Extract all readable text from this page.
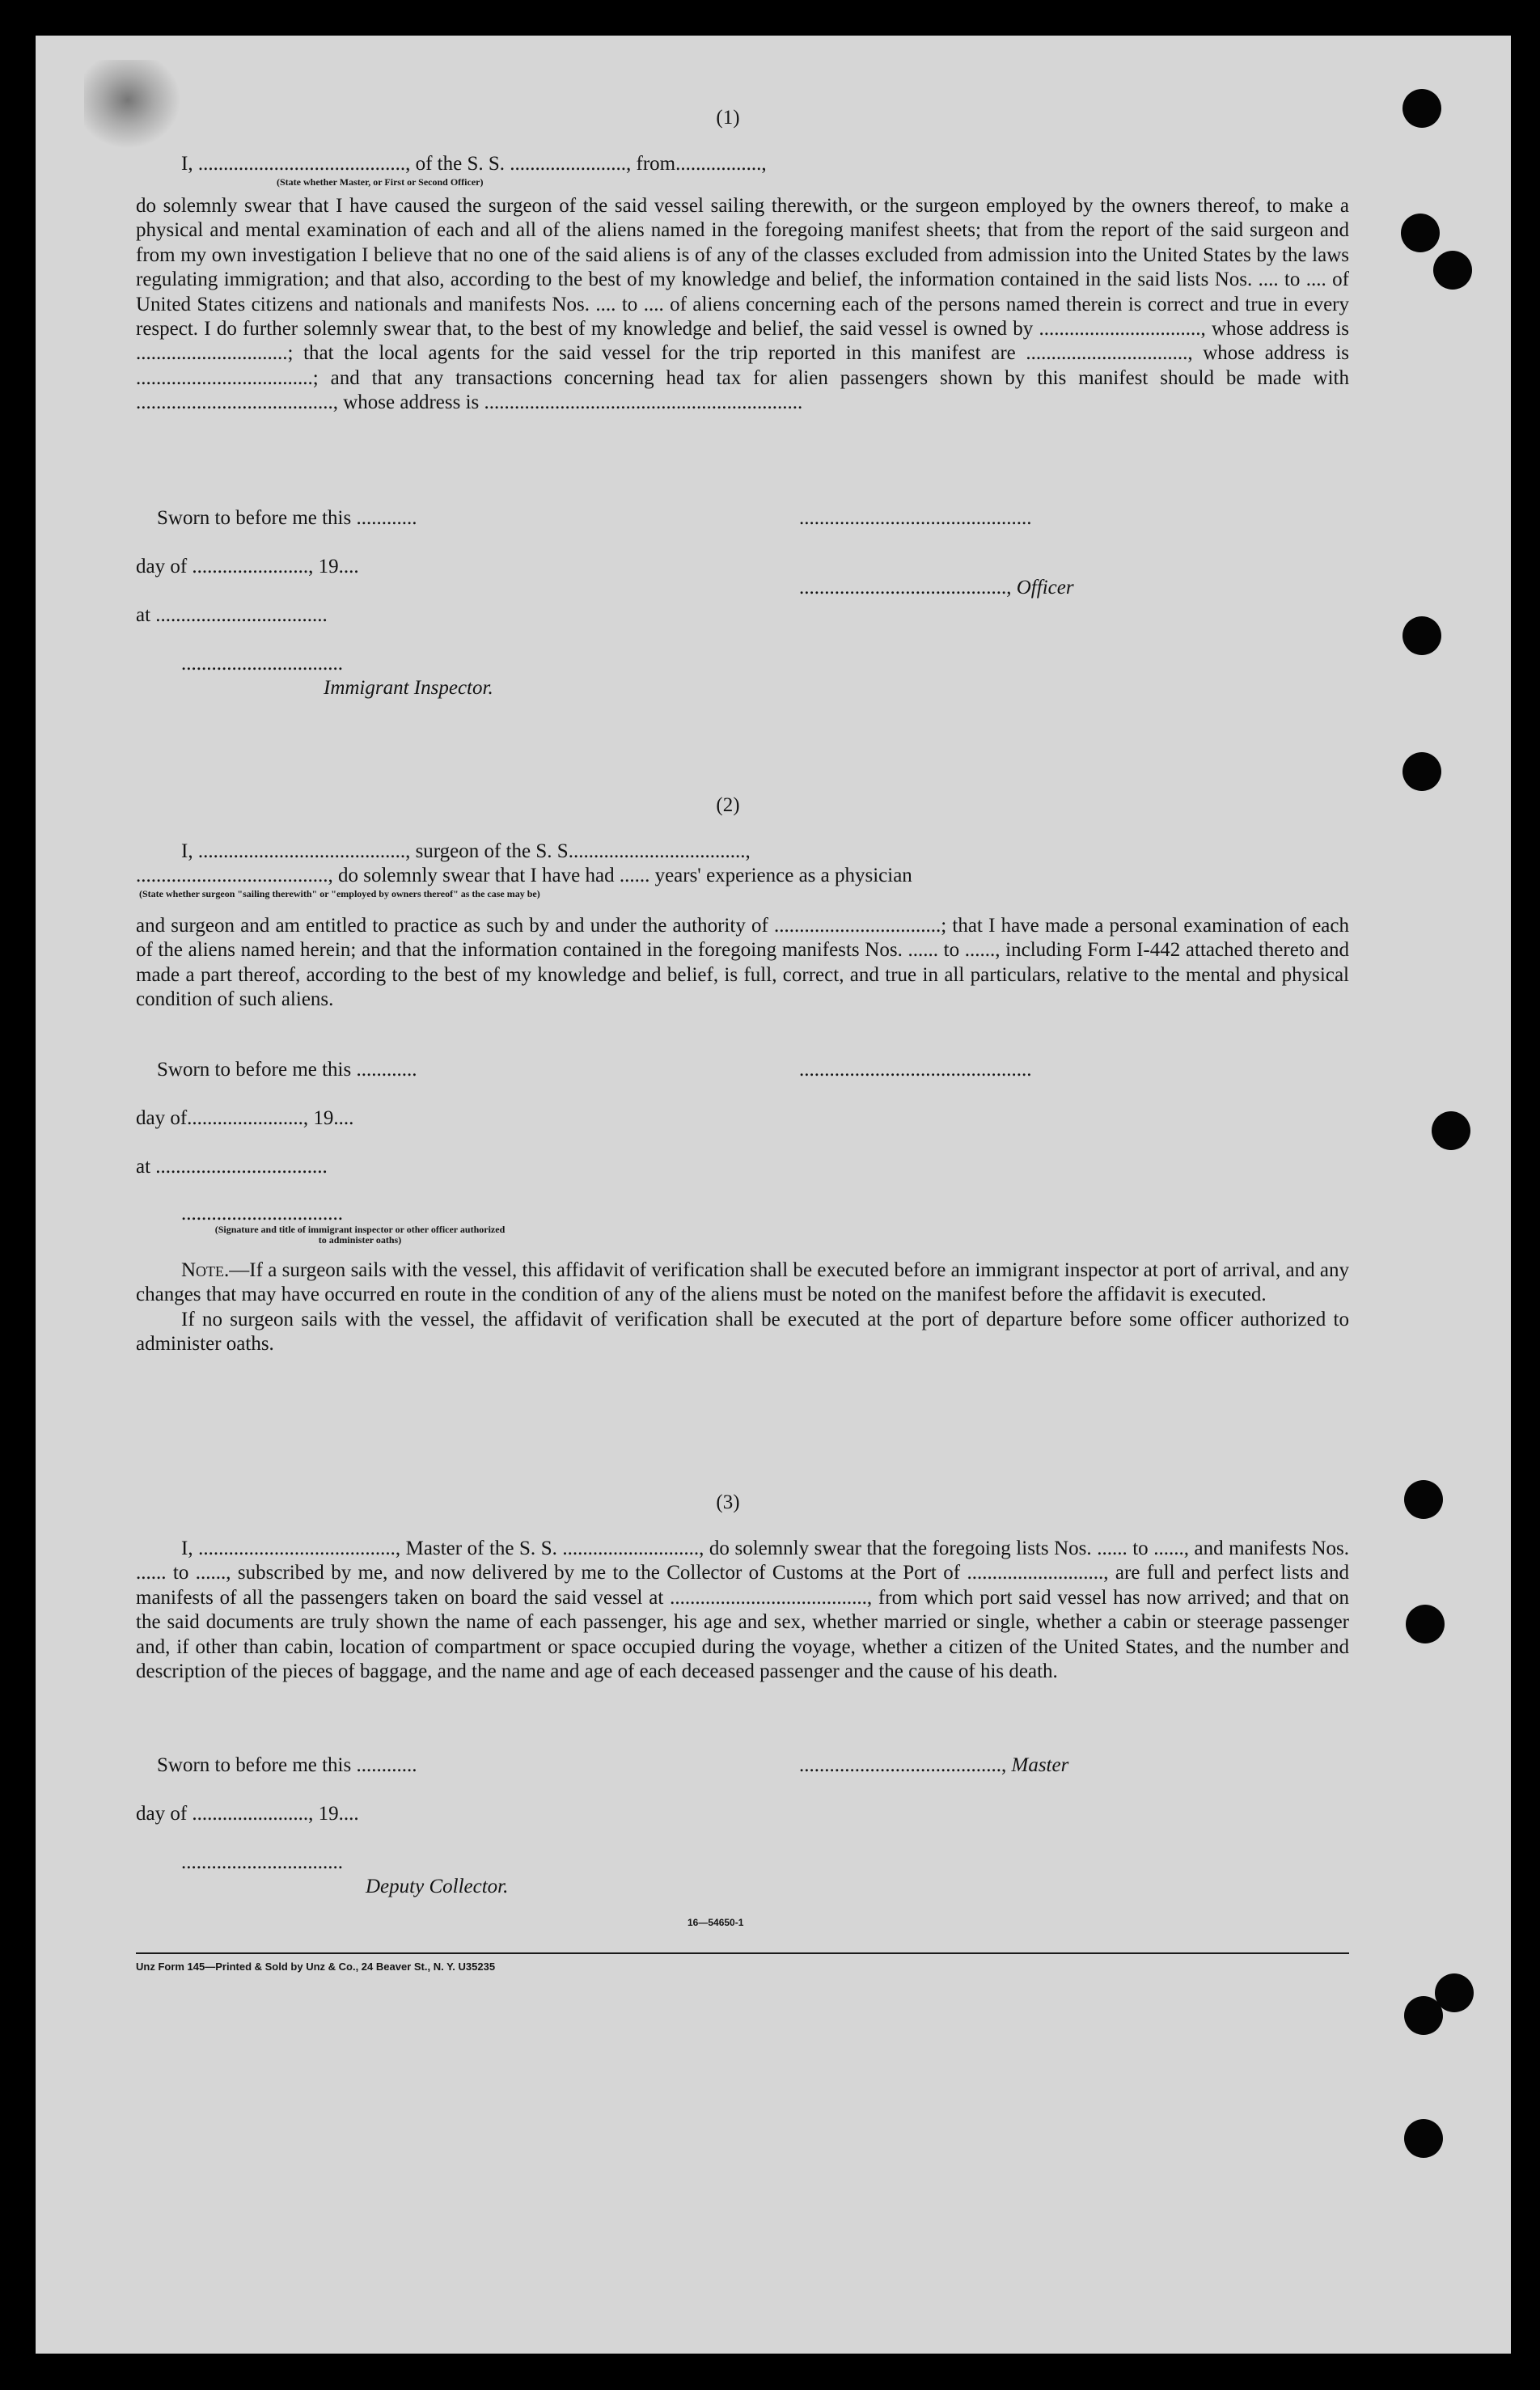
(1)
I, ........................................., of the S. S. ......................., from.................,
(State whether Master, or First or Second Officer)

do solemnly swear that I have caused the surgeon of the said vessel sailing therewith, or the surgeon employed by the owners thereof, to make a physical and mental examination of each and all of the aliens named in the foregoing manifest sheets; that from the report of the said surgeon and from my own investigation I believe that no one of the said aliens is of any of the classes excluded from admission into the United States by the laws regulating immigration; and that also, according to the best of my knowledge and belief, the information contained in the said lists Nos. .... to .... of United States citizens and nationals and manifests Nos. .... to .... of aliens concerning each of the persons named therein is correct and true in every respect. I do further solemnly swear that, to the best of my knowledge and belief, the said vessel is owned by ................................, whose address is ..............................; that the local agents for the said vessel for the trip reported in this manifest are ................................, whose address is ...................................; and that any transactions concerning head tax for alien passengers shown by this manifest should be made with ......................................., whose address is ...............................................................

Sworn to before me this ............	..............................................
day of ......................., 19....
........................................., Officer
at ..................................
................................
Immigrant Inspector.
(2)
I, ........................................., surgeon of the S. S...................................,
......................................, do solemnly swear that I have had ...... years' experience as a physician
(State whether surgeon "sailing therewith" or "employed by owners thereof" as the case may be)

and surgeon and am entitled to practice as such by and under the authority of .................................; that I have made a personal examination of each of the aliens named herein; and that the information contained in the foregoing manifests Nos. ...... to ......, including Form I-442 attached thereto and made a part thereof, according to the best of my knowledge and belief, is full, correct, and true in all particulars, relative to the mental and physical condition of such aliens.

Sworn to before me this ............	..............................................
day of......................., 19....
at ..................................
................................
(Signature and title of immigrant inspector or other officer authorized to administer oaths)

Note.—If a surgeon sails with the vessel, this affidavit of verification shall be executed before an immigrant inspector at port of arrival, and any changes that may have occurred en route in the condition of any of the aliens must be noted on the manifest before the affidavit is executed.

If no surgeon sails with the vessel, the affidavit of verification shall be executed at the port of departure before some officer authorized to administer oaths.

(3)

I, ......................................., Master of the S. S. ..........................., do solemnly swear that the foregoing lists Nos. ...... to ......, and manifests Nos. ...... to ......, subscribed by me, and now delivered by me to the Collector of Customs at the Port of ..........................., are full and perfect lists and manifests of all the passengers taken on board the said vessel at ......................................., from which port said vessel has now arrived; and that on the said documents are truly shown the name of each passenger, his age and sex, whether married or single, whether a cabin or steerage passenger and, if other than cabin, location of compartment or space occupied during the voyage, whether a citizen of the United States, and the number and description of the pieces of baggage, and the name and age of each deceased passenger and the cause of his death.

Sworn to before me this ............	........................................, Master
day of ......................., 19....
................................
Deputy Collector.
16—54650-1
Unz Form 145—Printed & Sold by Unz & Co., 24 Beaver St., N. Y. U35235
